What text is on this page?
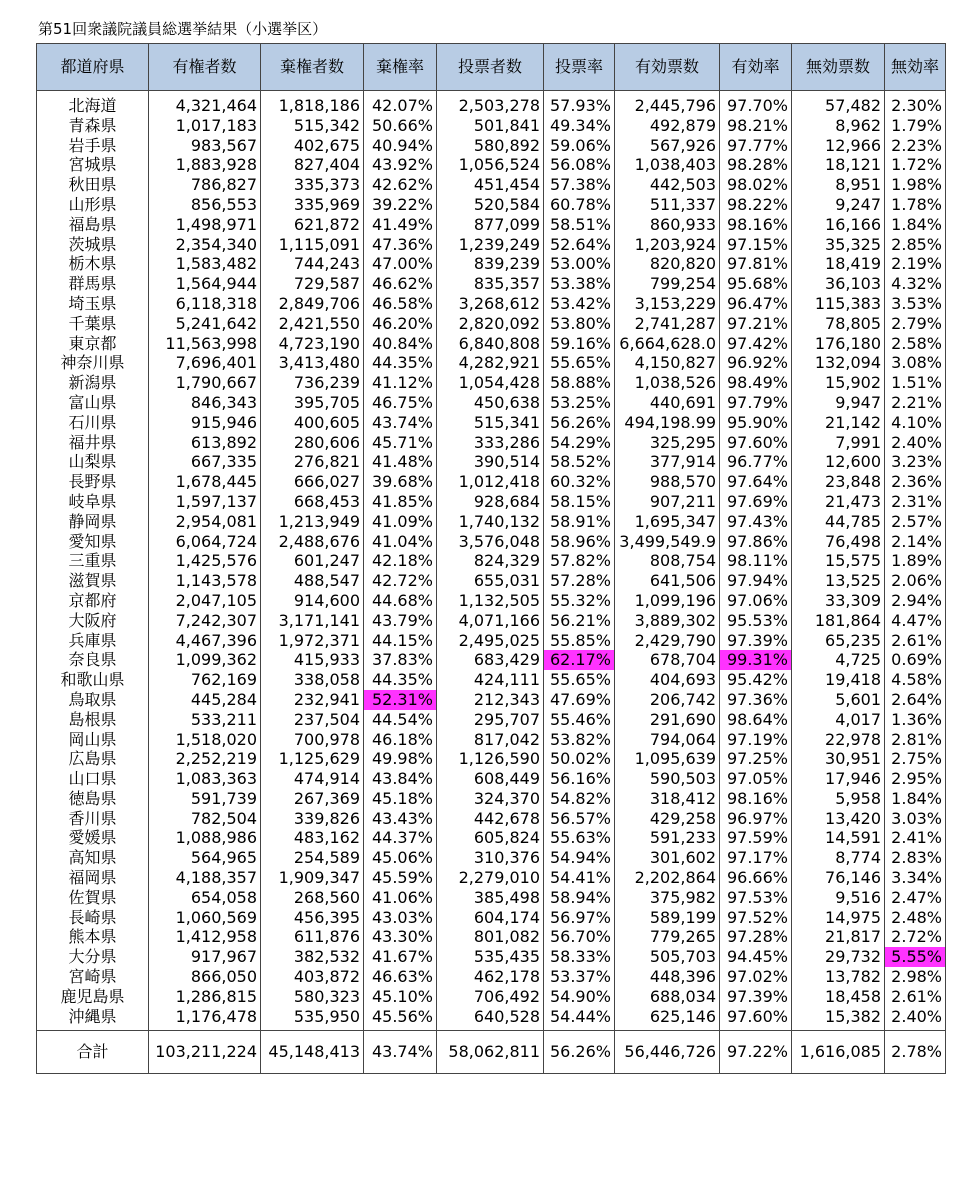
第51回衆議院議員総選挙結果（小選挙区）
都道府県	有権者数	棄権者数	棄権率	投票者数	投票率	有効票数	有効率	無効票数	無効率
北海道	4,321,464	1,818,186	42.07%	2,503,278	57.93%	2,445,796	97.70%	57,482	2.30%
青森県	1,017,183	515,342	50.66%	501,841	49.34%	492,879	98.21%	8,962	1.79%
岩手県	983,567	402,675	40.94%	580,892	59.06%	567,926	97.77%	12,966	2.23%
宮城県	1,883,928	827,404	43.92%	1,056,524	56.08%	1,038,403	98.28%	18,121	1.72%
秋田県	786,827	335,373	42.62%	451,454	57.38%	442,503	98.02%	8,951	1.98%
山形県	856,553	335,969	39.22%	520,584	60.78%	511,337	98.22%	9,247	1.78%
福島県	1,498,971	621,872	41.49%	877,099	58.51%	860,933	98.16%	16,166	1.84%
茨城県	2,354,340	1,115,091	47.36%	1,239,249	52.64%	1,203,924	97.15%	35,325	2.85%
栃木県	1,583,482	744,243	47.00%	839,239	53.00%	820,820	97.81%	18,419	2.19%
群馬県	1,564,944	729,587	46.62%	835,357	53.38%	799,254	95.68%	36,103	4.32%
埼玉県	6,118,318	2,849,706	46.58%	3,268,612	53.42%	3,153,229	96.47%	115,383	3.53%
千葉県	5,241,642	2,421,550	46.20%	2,820,092	53.80%	2,741,287	97.21%	78,805	2.79%
東京都	11,563,998	4,723,190	40.84%	6,840,808	59.16%	6,664,628.0	97.42%	176,180	2.58%
神奈川県	7,696,401	3,413,480	44.35%	4,282,921	55.65%	4,150,827	96.92%	132,094	3.08%
新潟県	1,790,667	736,239	41.12%	1,054,428	58.88%	1,038,526	98.49%	15,902	1.51%
富山県	846,343	395,705	46.75%	450,638	53.25%	440,691	97.79%	9,947	2.21%
石川県	915,946	400,605	43.74%	515,341	56.26%	494,198.99	95.90%	21,142	4.10%
福井県	613,892	280,606	45.71%	333,286	54.29%	325,295	97.60%	7,991	2.40%
山梨県	667,335	276,821	41.48%	390,514	58.52%	377,914	96.77%	12,600	3.23%
長野県	1,678,445	666,027	39.68%	1,012,418	60.32%	988,570	97.64%	23,848	2.36%
岐阜県	1,597,137	668,453	41.85%	928,684	58.15%	907,211	97.69%	21,473	2.31%
静岡県	2,954,081	1,213,949	41.09%	1,740,132	58.91%	1,695,347	97.43%	44,785	2.57%
愛知県	6,064,724	2,488,676	41.04%	3,576,048	58.96%	3,499,549.9	97.86%	76,498	2.14%
三重県	1,425,576	601,247	42.18%	824,329	57.82%	808,754	98.11%	15,575	1.89%
滋賀県	1,143,578	488,547	42.72%	655,031	57.28%	641,506	97.94%	13,525	2.06%
京都府	2,047,105	914,600	44.68%	1,132,505	55.32%	1,099,196	97.06%	33,309	2.94%
大阪府	7,242,307	3,171,141	43.79%	4,071,166	56.21%	3,889,302	95.53%	181,864	4.47%
兵庫県	4,467,396	1,972,371	44.15%	2,495,025	55.85%	2,429,790	97.39%	65,235	2.61%
奈良県	1,099,362	415,933	37.83%	683,429	62.17%	678,704	99.31%	4,725	0.69%
和歌山県	762,169	338,058	44.35%	424,111	55.65%	404,693	95.42%	19,418	4.58%
鳥取県	445,284	232,941	52.31%	212,343	47.69%	206,742	97.36%	5,601	2.64%
島根県	533,211	237,504	44.54%	295,707	55.46%	291,690	98.64%	4,017	1.36%
岡山県	1,518,020	700,978	46.18%	817,042	53.82%	794,064	97.19%	22,978	2.81%
広島県	2,252,219	1,125,629	49.98%	1,126,590	50.02%	1,095,639	97.25%	30,951	2.75%
山口県	1,083,363	474,914	43.84%	608,449	56.16%	590,503	97.05%	17,946	2.95%
徳島県	591,739	267,369	45.18%	324,370	54.82%	318,412	98.16%	5,958	1.84%
香川県	782,504	339,826	43.43%	442,678	56.57%	429,258	96.97%	13,420	3.03%
愛媛県	1,088,986	483,162	44.37%	605,824	55.63%	591,233	97.59%	14,591	2.41%
高知県	564,965	254,589	45.06%	310,376	54.94%	301,602	97.17%	8,774	2.83%
福岡県	4,188,357	1,909,347	45.59%	2,279,010	54.41%	2,202,864	96.66%	76,146	3.34%
佐賀県	654,058	268,560	41.06%	385,498	58.94%	375,982	97.53%	9,516	2.47%
長崎県	1,060,569	456,395	43.03%	604,174	56.97%	589,199	97.52%	14,975	2.48%
熊本県	1,412,958	611,876	43.30%	801,082	56.70%	779,265	97.28%	21,817	2.72%
大分県	917,967	382,532	41.67%	535,435	58.33%	505,703	94.45%	29,732	5.55%
宮崎県	866,050	403,872	46.63%	462,178	53.37%	448,396	97.02%	13,782	2.98%
鹿児島県	1,286,815	580,323	45.10%	706,492	54.90%	688,034	97.39%	18,458	2.61%
沖縄県	1,176,478	535,950	45.56%	640,528	54.44%	625,146	97.60%	15,382	2.40%
合計	103,211,224	45,148,413	43.74%	58,062,811	56.26%	56,446,726	97.22%	1,616,085	2.78%
